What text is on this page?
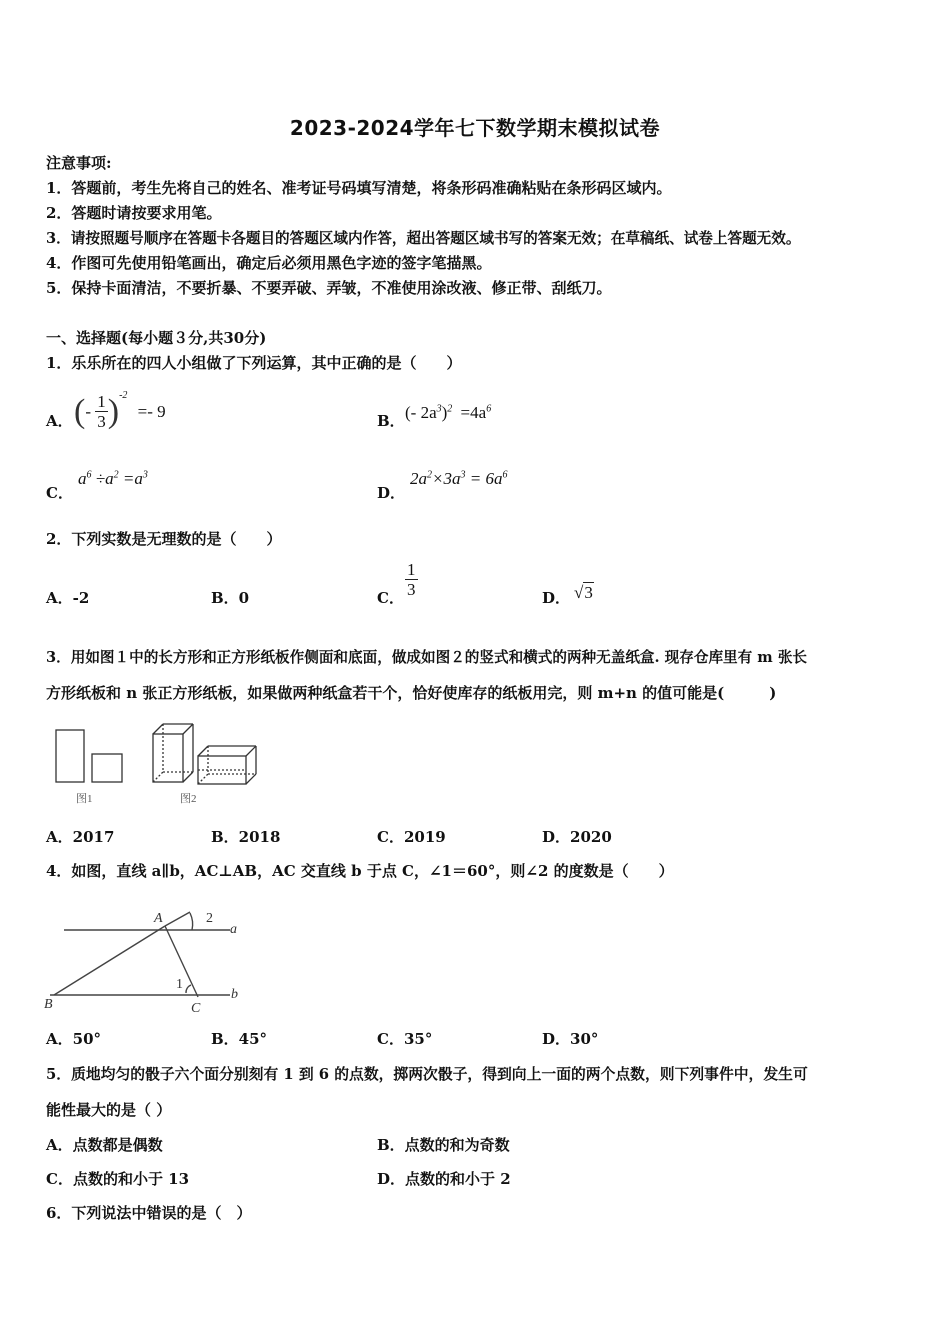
2023-2024学年七下数学期末模拟试卷
注意事项:
1．答题前，考生先将自己的姓名、准考证号码填写清楚，将条形码准确粘贴在条形码区域内。
2．答题时请按要求用笔。
3．请按照题号顺序在答题卡各题目的答题区域内作答，超出答题区域书写的答案无效；在草稿纸、试卷上答题无效。
4．作图可先使用铅笔画出，确定后必须用黑色字迹的签字笔描黑。
5．保持卡面清洁，不要折暴、不要弄破、弄皱，不准使用涂改液、修正带、刮纸刀。
一、选择题(每小题３分,共30分)
1．乐乐所在的四人小组做了下列运算，其中正确的是（　　）
A． (- $\frac{1}{3} )^{-2} =- 9$	B． (- $2a^3)^2 =4a^6$
C．
$a^6 \div a^2 =a^3$
D．
$2a^2\times 3a^3 = 6a^6$
2．下列实数是无理数的是（　　）
A．-2	B．0	C． $\frac{1}{3}$	D． √3
3．用如图１中的长方形和正方形纸板作侧面和底面，做成如图２的竖式和横式的两种无盖纸盒. 现存仓库里有 m 张长
方形纸板和 n 张正方形纸板，如果做两种纸盒若干个，恰好使库存的纸板用完，则 m+n 的值可能是(　　　)
图1	图2
A．2017	B．2018	C．2019	D．2020
4．如图，直线 a∥b，AC⊥AB，AC 交直线 b 于点 C，∠1＝60°，则∠2 的度数是（　　）
A
B	C
a
b
1
2
A．50°	B．45°	C．35°	D．30°
5．质地均匀的骰子六个面分别刻有 1 到 6 的点数，掷两次骰子，得到向上一面的两个点数，则下列事件中，发生可
能性最大的是（ ）
A．点数都是偶数	B．点数的和为奇数
C．点数的和小于 13	D．点数的和小于 2
6．下列说法中错误的是（　）
